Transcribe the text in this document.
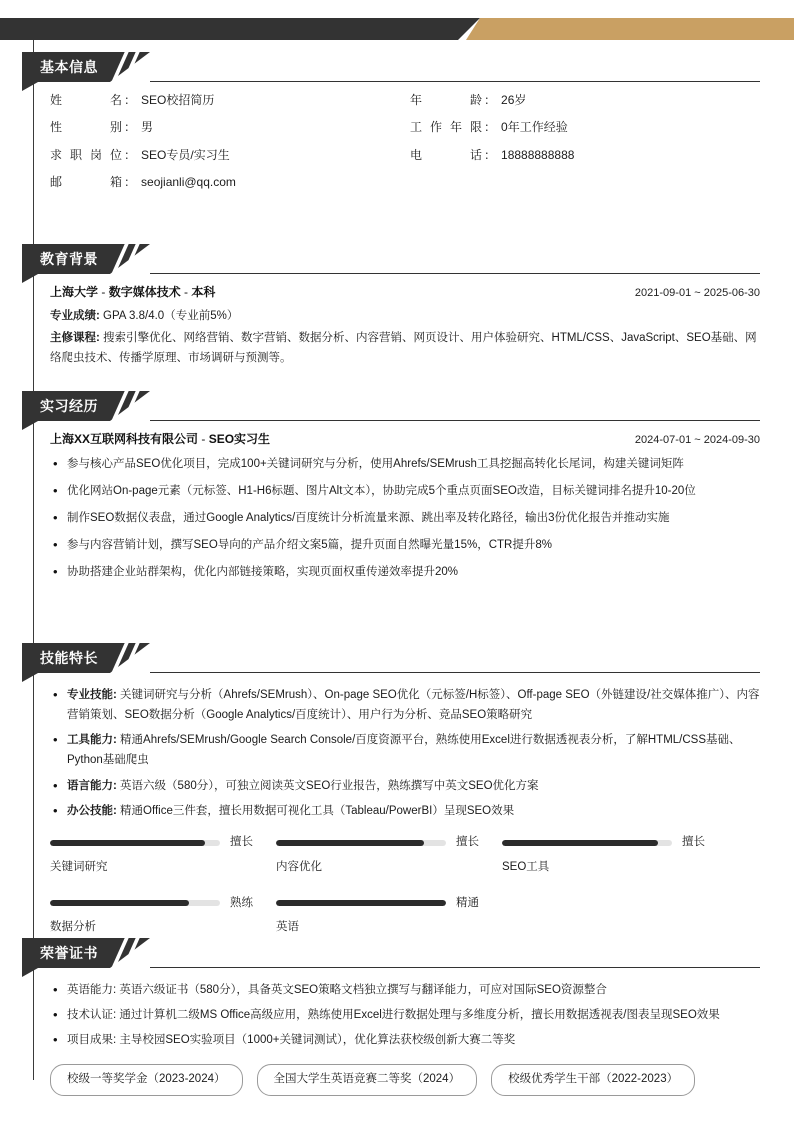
基本信息
姓名 ： SEO校招简历	年龄 ： 26岁
性别 ： 男	工作年限 ： 0年工作经验
求职岗位 ： SEO专员/实习生	电话 ： 18888888888
邮箱 ： seojianli@qq.com
教育背景
上海大学 - 数字媒体技术 - 本科	2021-09-01 ~ 2025-06-30
专业成绩: GPA 3.8/4.0（专业前5%）
主修课程: 搜索引擎优化、网络营销、数字营销、数据分析、内容营销、网页设计、用户体验研究、HTML/CSS、JavaScript、SEO基础、网络爬虫技术、传播学原理、市场调研与预测等。
实习经历
上海XX互联网科技有限公司 - SEO实习生	2024-07-01 ~ 2024-09-30
• 参与核心产品SEO优化项目，完成100+关键词研究与分析，使用Ahrefs/SEMrush工具挖掘高转化长尾词，构建关键词矩阵
• 优化网站On-page元素（元标签、H1-H6标题、图片Alt文本），协助完成5个重点页面SEO改造，目标关键词排名提升10-20位
• 制作SEO数据仪表盘，通过Google Analytics/百度统计分析流量来源、跳出率及转化路径，输出3份优化报告并推动实施
• 参与内容营销计划，撰写SEO导向的产品介绍文案5篇，提升页面自然曝光量15%，CTR提升8%
• 协助搭建企业站群架构，优化内部链接策略，实现页面权重传递效率提升20%
技能特长
• 专业技能: 关键词研究与分析（Ahrefs/SEMrush）、On-page SEO优化（元标签/H标签）、Off-page SEO（外链建设/社交媒体推广）、内容营销策划、SEO数据分析（Google Analytics/百度统计）、用户行为分析、竞品SEO策略研究
• 工具能力: 精通Ahrefs/SEMrush/Google Search Console/百度资源平台，熟练使用Excel进行数据透视表分析，了解HTML/CSS基础、Python基础爬虫
• 语言能力: 英语六级（580分），可独立阅读英文SEO行业报告，熟练撰写中英文SEO优化方案
• 办公技能: 精通Office三件套，擅长用数据可视化工具（Tableau/PowerBI）呈现SEO效果
擅长
关键词研究
擅长
内容优化
擅长
SEO工具
熟练
数据分析
精通
英语
荣誉证书
• 英语能力: 英语六级证书（580分），具备英文SEO策略文档独立撰写与翻译能力，可应对国际SEO资源整合
• 技术认证: 通过计算机二级MS Office高级应用，熟练使用Excel进行数据处理与多维度分析，擅长用数据透视表/图表呈现SEO效果
• 项目成果: 主导校园SEO实验项目（1000+关键词测试），优化算法获校级创新大赛二等奖
校级一等奖学金（2023-2024）	全国大学生英语竞赛二等奖（2024）	校级优秀学生干部（2022-2023）
